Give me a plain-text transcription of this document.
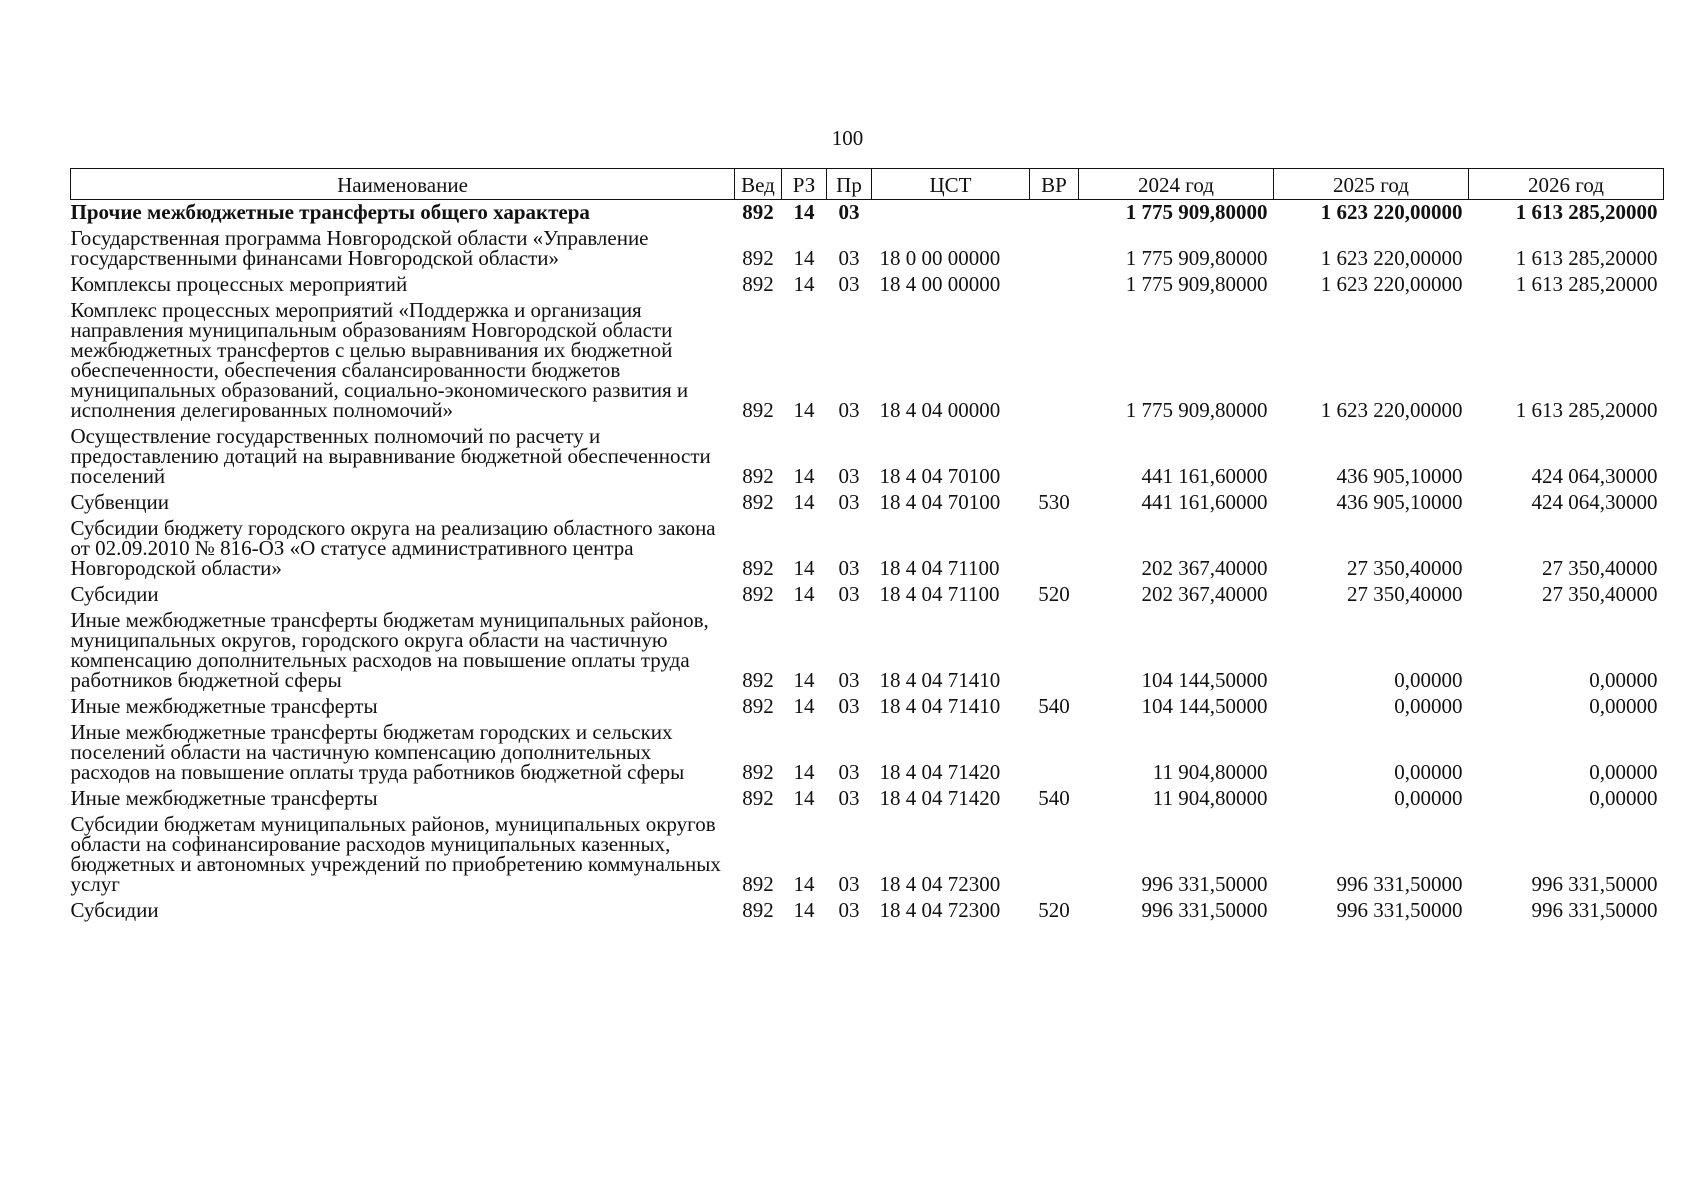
100
Наименование	Вед	РЗ	Пр	ЦСТ	ВР	2024 год	2025 год	2026 год
Прочие межбюджетные трансферты общего характера	892	14	03			1 775 909,80000	1 623 220,00000	1 613 285,20000
Государственная программа Новгородской области «Управление государственными финансами Новгородской области»	892	14	03	18 0 00 00000		1 775 909,80000	1 623 220,00000	1 613 285,20000
Комплексы процессных мероприятий	892	14	03	18 4 00 00000		1 775 909,80000	1 623 220,00000	1 613 285,20000
Комплекс процессных мероприятий «Поддержка и организация направления муниципальным образованиям Новгородской области межбюджетных трансфертов с целью выравнивания их бюджетной обеспеченности, обеспечения сбалансированности бюджетов муниципальных образований, социально-экономического развития и исполнения делегированных полномочий»	892	14	03	18 4 04 00000		1 775 909,80000	1 623 220,00000	1 613 285,20000
Осуществление государственных полномочий по расчету и предоставлению дотаций на выравнивание бюджетной обеспеченности поселений	892	14	03	18 4 04 70100		441 161,60000	436 905,10000	424 064,30000
Субвенции	892	14	03	18 4 04 70100	530	441 161,60000	436 905,10000	424 064,30000
Субсидии бюджету городского округа на реализацию областного закона от 02.09.2010 № 816-ОЗ «О статусе административного центра Новгородской области»	892	14	03	18 4 04 71100		202 367,40000	27 350,40000	27 350,40000
Субсидии	892	14	03	18 4 04 71100	520	202 367,40000	27 350,40000	27 350,40000
Иные межбюджетные трансферты бюджетам муниципальных районов, муниципальных округов, городского округа области на частичную компенсацию дополнительных расходов на повышение оплаты труда работников бюджетной сферы	892	14	03	18 4 04 71410		104 144,50000	0,00000	0,00000
Иные межбюджетные трансферты	892	14	03	18 4 04 71410	540	104 144,50000	0,00000	0,00000
Иные межбюджетные трансферты бюджетам городских и сельских поселений области на частичную компенсацию дополнительных расходов на повышение оплаты труда работников бюджетной сферы	892	14	03	18 4 04 71420		11 904,80000	0,00000	0,00000
Иные межбюджетные трансферты	892	14	03	18 4 04 71420	540	11 904,80000	0,00000	0,00000
Субсидии бюджетам муниципальных районов, муниципальных округов области на софинансирование расходов муниципальных казенных, бюджетных и автономных учреждений по приобретению коммунальных услуг	892	14	03	18 4 04 72300		996 331,50000	996 331,50000	996 331,50000
Субсидии	892	14	03	18 4 04 72300	520	996 331,50000	996 331,50000	996 331,50000
